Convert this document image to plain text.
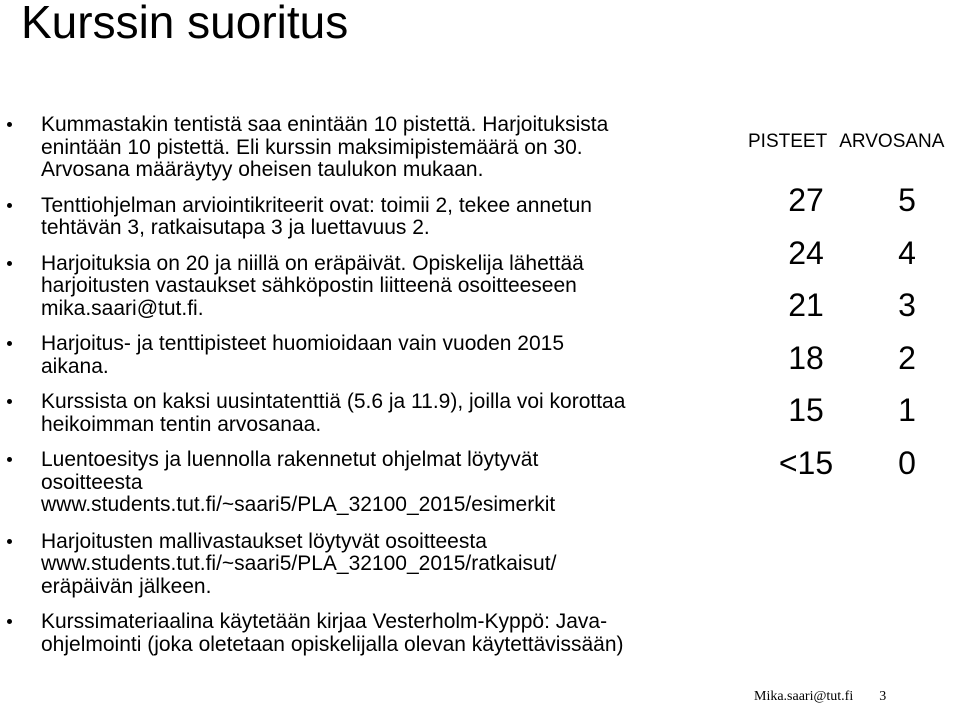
Kurssin suoritus
Kummastakin tentistä saa enintään 10 pistettä. Harjoituksista
enintään 10 pistettä. Eli kurssin maksimipistemäärä on 30.
Arvosana määräytyy oheisen taulukon mukaan.
Tenttiohjelman arviointikriteerit ovat: toimii 2, tekee annetun
tehtävän 3, ratkaisutapa 3 ja luettavuus 2.
Harjoituksia on 20 ja niillä on eräpäivät. Opiskelija lähettää
harjoitusten vastaukset sähköpostin liitteenä osoitteeseen
mika.saari@tut.fi.
Harjoitus- ja tenttipisteet huomioidaan vain vuoden 2015
aikana.
Kurssista on kaksi uusintatenttiä (5.6 ja 11.9), joilla voi korottaa
heikoimman tentin arvosanaa.
Luentoesitys ja luennolla rakennetut ohjelmat löytyvät
osoitteesta
www.students.tut.fi/~saari5/PLA_32100_2015/esimerkit
Harjoitusten mallivastaukset löytyvät osoitteesta
www.students.tut.fi/~saari5/PLA_32100_2015/ratkaisut/
eräpäivän jälkeen.
Kurssimateriaalina käytetään kirjaa Vesterholm-Kyppö: Java-
ohjelmointi (joka oletetaan opiskelijalla olevan käytettävissään)
PISTEET ARVOSANA
27	5
24	4
21	3
18	2
15	1
<15	0
Mika.saari@tut.fi 3
